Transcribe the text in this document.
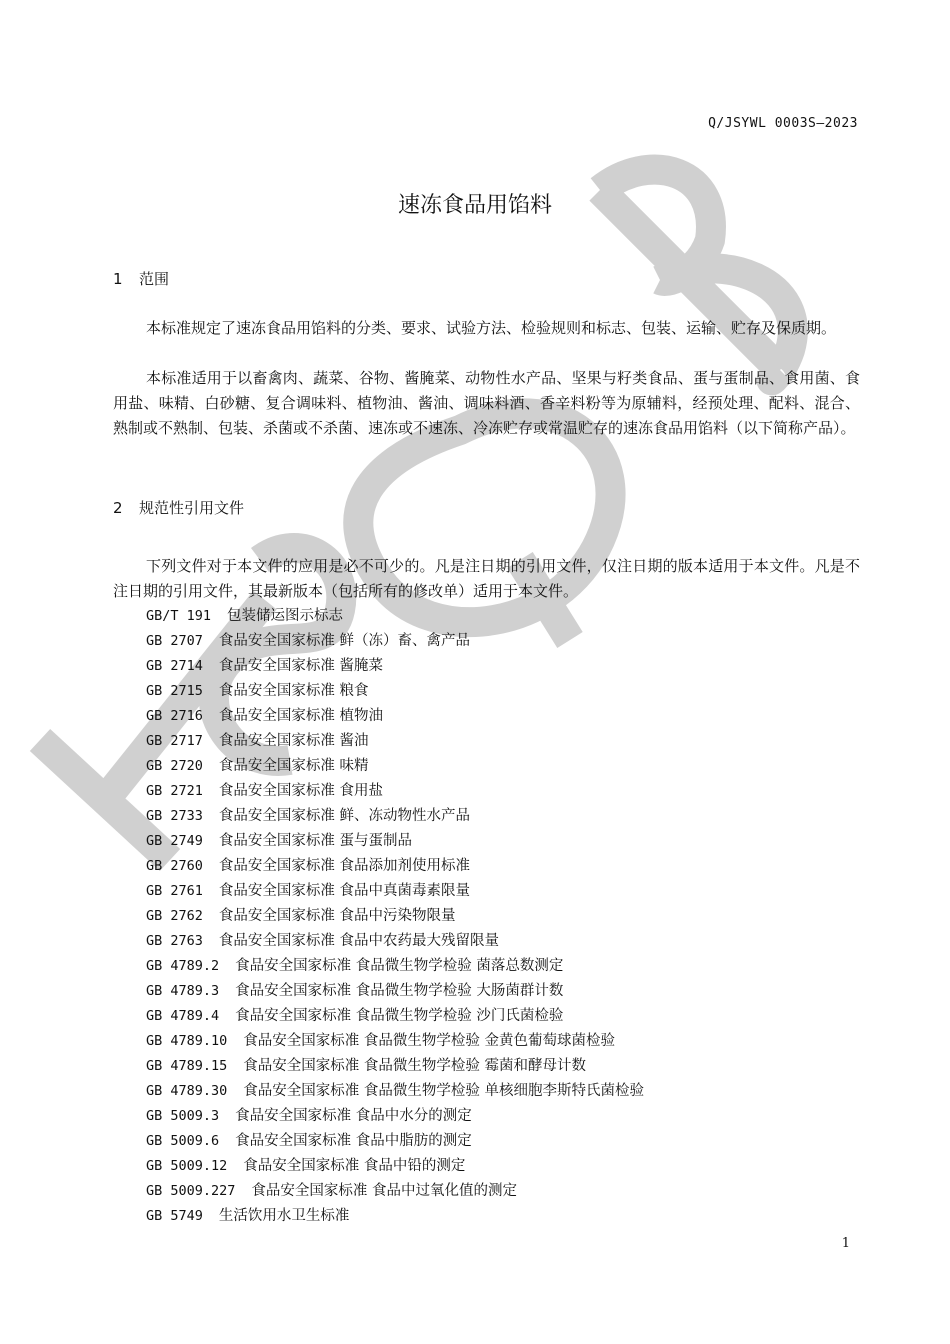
Q/JSYWL 0003S—2023
速冻食品用馅料
1 范围

本标准规定了速冻食品用馅料的分类、要求、试验方法、检验规则和标志、包装、运输、贮存及保质期。

本标准适用于以畜禽肉、蔬菜、谷物、酱腌菜、动物性水产品、坚果与籽类食品、蛋与蛋制品、食用菌、食用盐、味精、白砂糖、复合调味料、植物油、酱油、调味料酒、香辛料粉等为原辅料，经预处理、配料、混合、熟制或不熟制、包装、杀菌或不杀菌、速冻或不速冻、冷冻贮存或常温贮存的速冻食品用馅料（以下简称产品）。

2 规范性引用文件

下列文件对于本文件的应用是必不可少的。凡是注日期的引用文件，仅注日期的版本适用于本文件。凡是不注日期的引用文件，其最新版本（包括所有的修改单）适用于本文件。

GB/T 191 包装储运图示标志
GB 2707 食品安全国家标准 鲜（冻）畜、禽产品
GB 2714 食品安全国家标准 酱腌菜
GB 2715 食品安全国家标准 粮食
GB 2716 食品安全国家标准 植物油
GB 2717 食品安全国家标准 酱油
GB 2720 食品安全国家标准 味精
GB 2721 食品安全国家标准 食用盐
GB 2733 食品安全国家标准 鲜、冻动物性水产品
GB 2749 食品安全国家标准 蛋与蛋制品
GB 2760 食品安全国家标准 食品添加剂使用标准
GB 2761 食品安全国家标准 食品中真菌毒素限量
GB 2762 食品安全国家标准 食品中污染物限量
GB 2763 食品安全国家标准 食品中农药最大残留限量
GB 4789.2 食品安全国家标准 食品微生物学检验 菌落总数测定
GB 4789.3 食品安全国家标准 食品微生物学检验 大肠菌群计数
GB 4789.4 食品安全国家标准 食品微生物学检验 沙门氏菌检验
GB 4789.10 食品安全国家标准 食品微生物学检验 金黄色葡萄球菌检验
GB 4789.15 食品安全国家标准 食品微生物学检验 霉菌和酵母计数
GB 4789.30 食品安全国家标准 食品微生物学检验 单核细胞李斯特氏菌检验
GB 5009.3 食品安全国家标准 食品中水分的测定
GB 5009.6 食品安全国家标准 食品中脂肪的测定
GB 5009.12 食品安全国家标准 食品中铅的测定
GB 5009.227 食品安全国家标准 食品中过氧化值的测定
GB 5749 生活饮用水卫生标准
1
